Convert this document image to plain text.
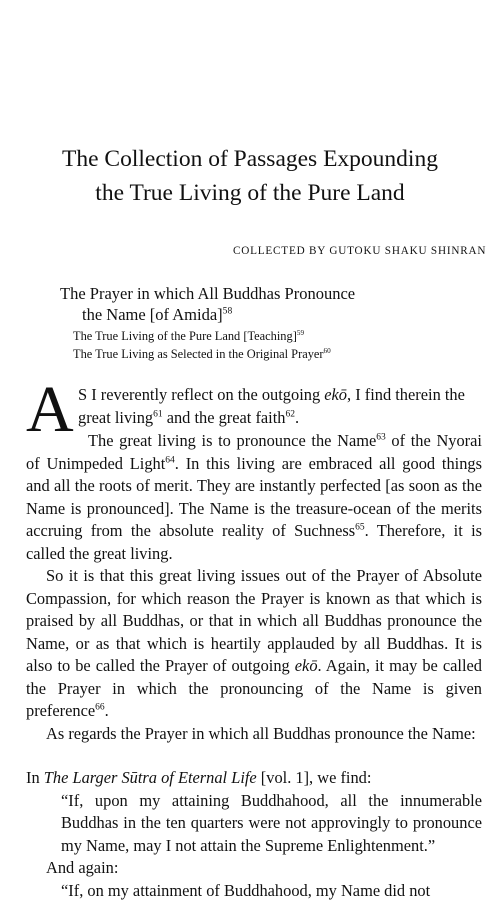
The Collection of Passages Expounding
the True Living of the Pure Land
COLLECTED BY GUTOKU SHAKU SHINRAN
The Prayer in which All Buddhas Pronounce
the Name [of Amida]$^{58}$
The True Living of the Pure Land [Teaching]$^{59}$
The True Living as Selected in the Original Prayer$^{60}$
A S I reverently reflect on the outgoing ekō, I find therein the
great living$^{61}$ and the great faith$^{62}$.

The great living is to pronounce the Name$^{63}$ of the Nyorai of Unimpeded Light$^{64}$. In this living are embraced all good things and all the roots of merit. They are instantly perfected [as soon as the Name is pronounced]. The Name is the treasure-ocean of the merits accruing from the absolute reality of Suchness$^{65}$. Therefore, it is called the great living.

So it is that this great living issues out of the Prayer of Absolute Compassion, for which reason the Prayer is known as that which is praised by all Buddhas, or that in which all Buddhas pronounce the Name, or as that which is heartily applauded by all Buddhas. It is also to be called the Prayer of outgoing ekō. Again, it may be called the Prayer in which the pronouncing of the Name is given preference$^{66}$.

As regards the Prayer in which all Buddhas pronounce the Name:

In The Larger Sūtra of Eternal Life [vol. 1], we find:

“If, upon my attaining Buddhahood, all the innumerable Buddhas in the ten quarters were not approvingly to pronounce my Name, may I not attain the Supreme Enlightenment.”

And again:

“If, on my attainment of Buddhahood, my Name did not
